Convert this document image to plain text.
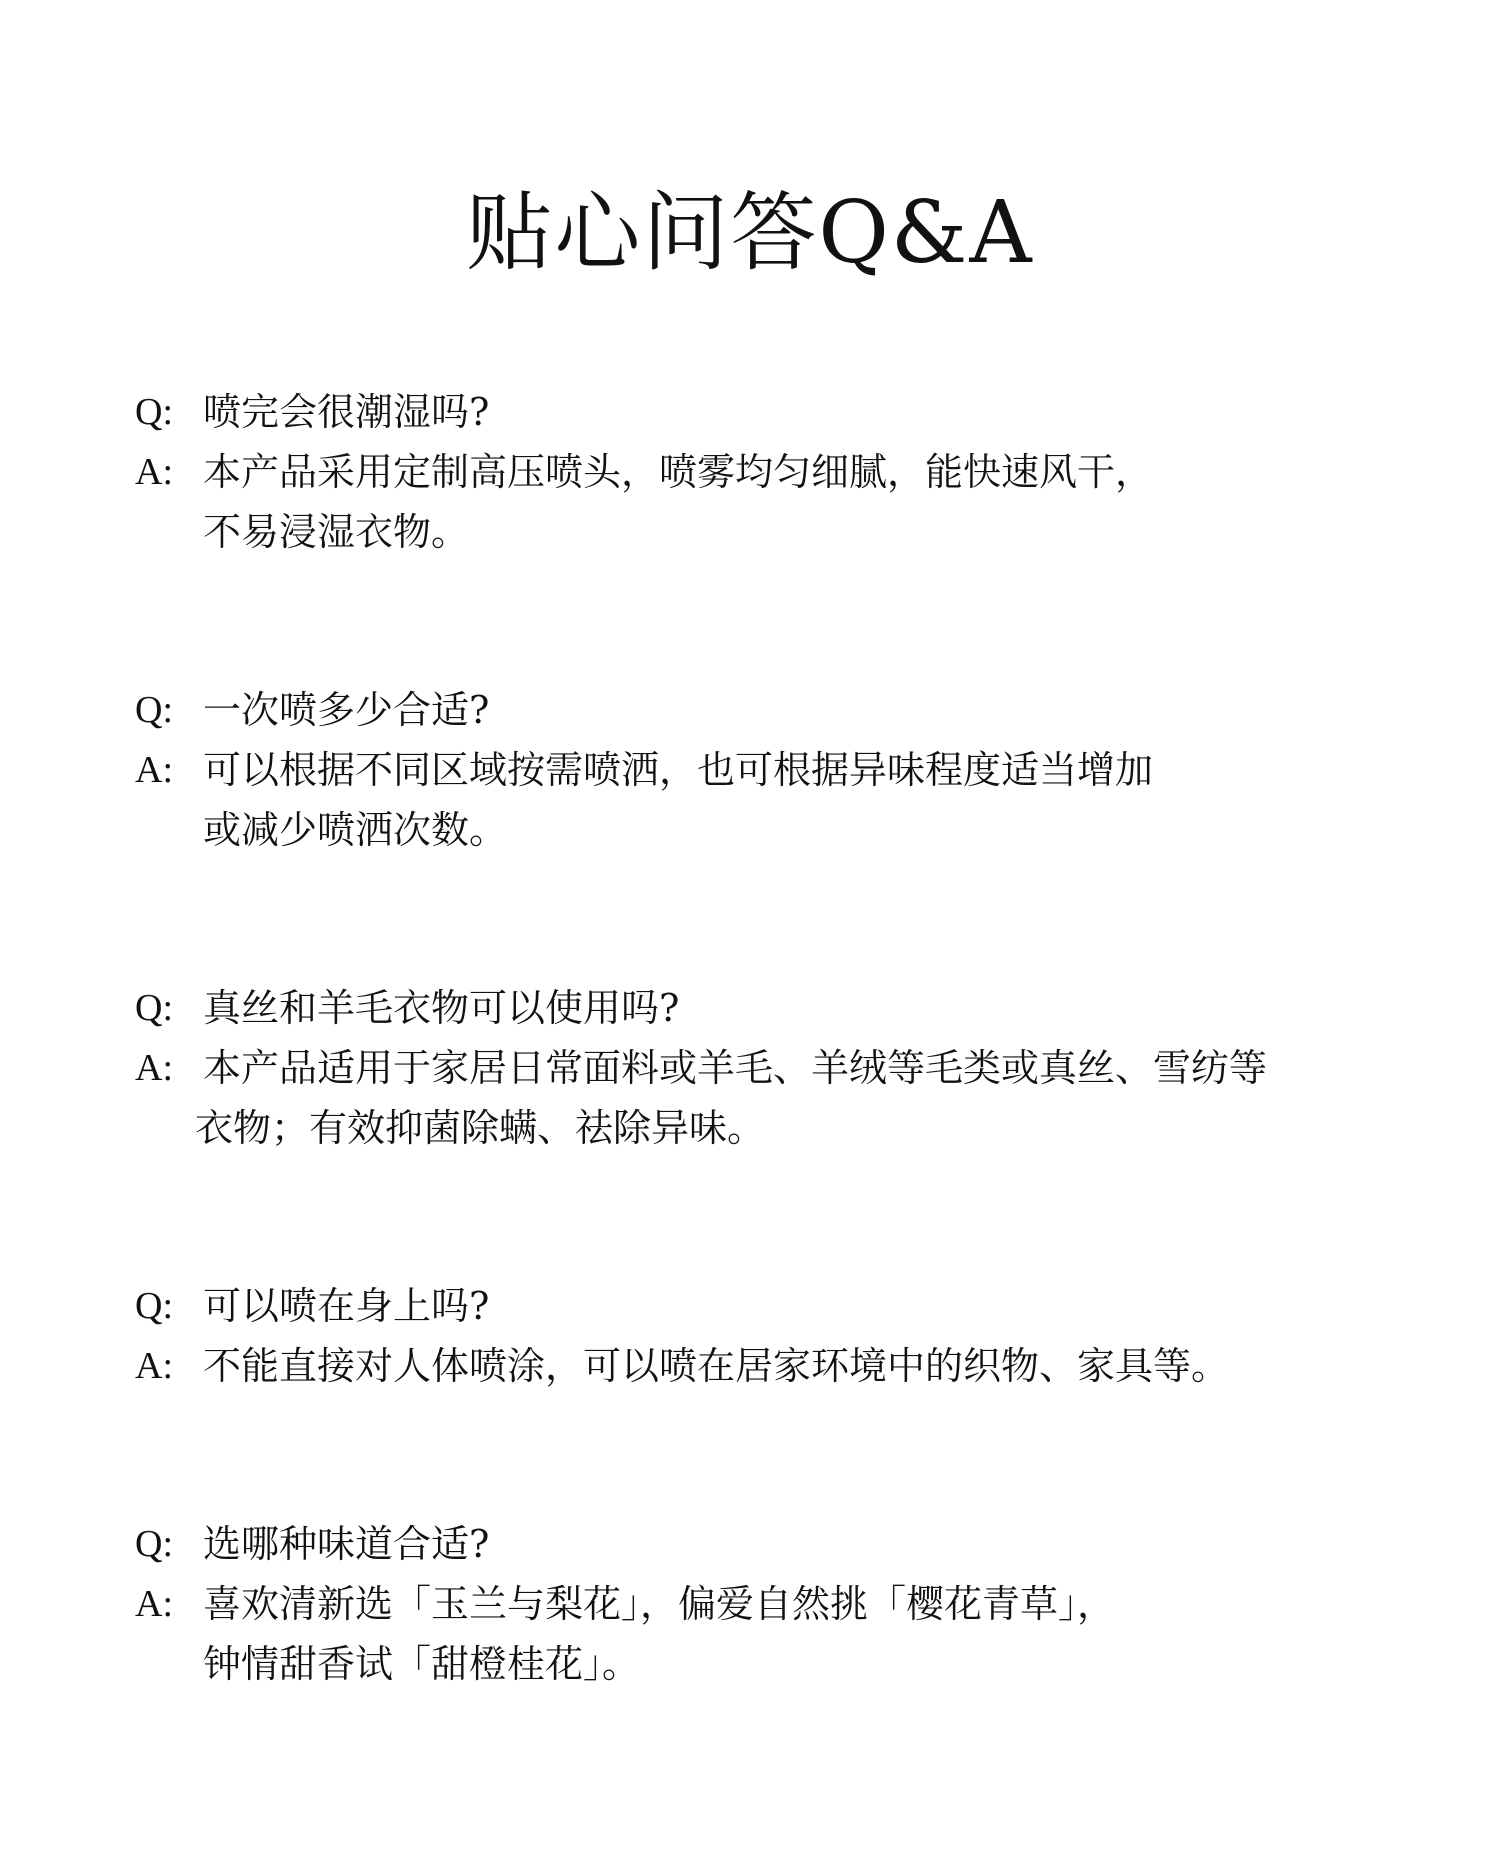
贴心问答Q&A
Q: 喷完会很潮湿吗?
A: 本产品采用定制高压喷头，喷雾均匀细腻，能快速风干，
不易浸湿衣物。
Q: 一次喷多少合适?
A: 可以根据不同区域按需喷洒，也可根据异味程度适当增加
或减少喷洒次数。
Q: 真丝和羊毛衣物可以使用吗?
A: 本产品适用于家居日常面料或羊毛、羊绒等毛类或真丝、雪纺等
衣物；有效抑菌除螨、祛除异味。
Q: 可以喷在身上吗?
A: 不能直接对人体喷涂，可以喷在居家环境中的织物、家具等。
Q: 选哪种味道合适?
A: 喜欢清新选「玉兰与梨花」，偏爱自然挑「樱花青草」，
钟情甜香试「甜橙桂花」。
